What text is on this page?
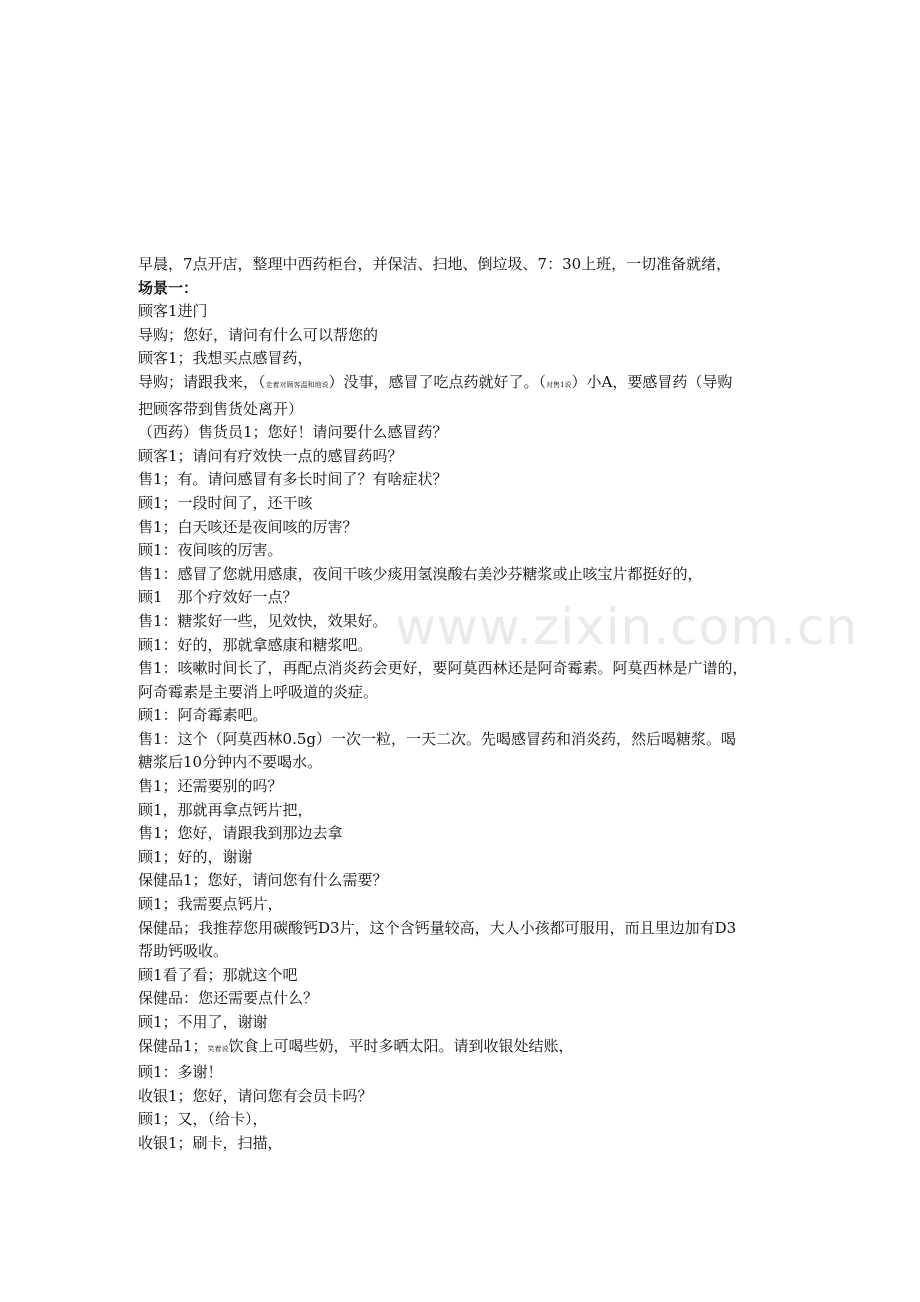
早晨，7点开店，整理中西药柜台，并保洁、扫地、倒垃圾、7：30上班，一切准备就绪，
场景一：
顾客1进门
导购；您好，请问有什么可以帮您的
顾客1；我想买点感冒药，
导购；请跟我来，（走着对顾客温和地说）没事，感冒了吃点药就好了。（对售1说）小A，要感冒药（导购
把顾客带到售货处离开）
（西药）售货员1；您好！请问要什么感冒药？
顾客1；请问有疗效快一点的感冒药吗？
售1；有。请问感冒有多长时间了？有啥症状？
顾1；一段时间了，还干咳
售1；白天咳还是夜间咳的厉害？
顾1：夜间咳的厉害。
售1：感冒了您就用感康，夜间干咳少痰用氢溴酸右美沙芬糖浆或止咳宝片都挺好的，
顾1　那个疗效好一点？
售1：糖浆好一些，见效快，效果好。
顾1：好的，那就拿感康和糖浆吧。
售1：咳嗽时间长了，再配点消炎药会更好，要阿莫西林还是阿奇霉素。阿莫西林是广谱的，
阿奇霉素是主要消上呼吸道的炎症。
顾1：阿奇霉素吧。
售1：这个（阿莫西林0.5g）一次一粒，一天二次。先喝感冒药和消炎药，然后喝糖浆。喝
糖浆后10分钟内不要喝水。
售1；还需要别的吗？
顾1，那就再拿点钙片把，
售1；您好，请跟我到那边去拿
顾1；好的，谢谢
保健品1；您好，请问您有什么需要？
顾1；我需要点钙片，
保健品；我推荐您用碳酸钙D3片，这个含钙量较高，大人小孩都可服用，而且里边加有D3
帮助钙吸收。
顾1看了看；那就这个吧
保健品：您还需要点什么？
顾1；不用了，谢谢
保健品1；笑着说饮食上可喝些奶，平时多晒太阳。请到收银处结账，
顾1：多谢！
收银1；您好，请问您有会员卡吗？
顾1；又，（给卡），
收银1；刷卡，扫描，
www.zixin.com.cn
